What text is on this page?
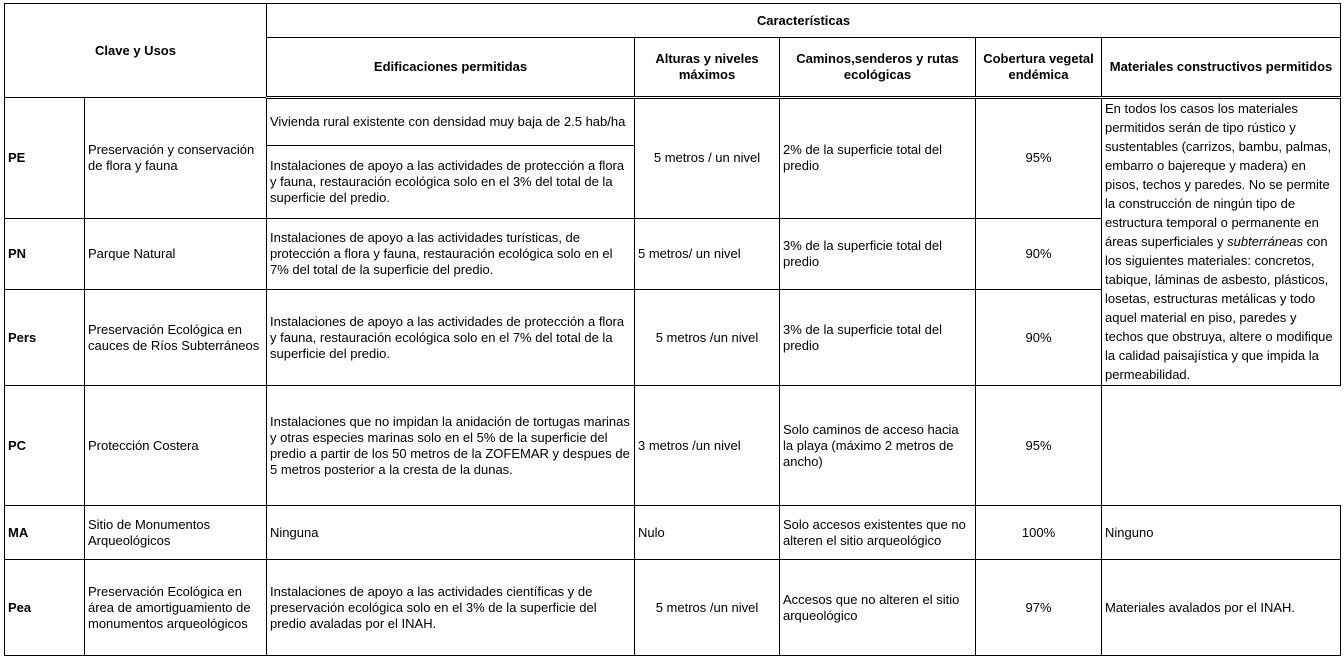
Clave y Usos		Características				
		Edificaciones permitidas	Alturas y niveles máximos	Caminos,senderos y rutas ecológicas	Cobertura vegetal endémica	Materiales constructivos permitidos
PE	Preservación y conservación de flora y fauna	Vivienda rural existente con densidad muy baja de 2.5 hab/ha	5 metros / un nivel	2% de la superficie total del predio	95%	En todos los casos los materiales permitidos serán de tipo rústico y sustentables (carrizos, bambu, palmas, embarro o bajereque y madera) en pisos, techos y paredes. No se permite la construcción de ningún tipo de estructura temporal o permanente en áreas superficiales y subterráneas con los siguientes materiales: concretos, tabique, láminas de asbesto, plásticos, losetas, estructuras metálicas y todo aquel material en piso, paredes y techos que obstruya, altere o modifique la calidad paisajística y que impida la permeabilidad.
		Instalaciones de apoyo a las actividades de protección a flora y fauna, restauración ecológica solo en el 3% del total de la superficie del predio.				
PN	Parque Natural	Instalaciones de apoyo a las actividades turísticas, de protección a flora y fauna, restauración ecológica solo en el 7% del total de la superficie del predio.	5 metros/ un nivel	3% de la superficie total del predio	90%	
Pers	Preservación Ecológica en cauces de Ríos Subterráneos	Instalaciones de apoyo a las actividades de protección a flora y fauna, restauración ecológica solo en el 7% del total de la superficie del predio.	5 metros /un nivel	3% de la superficie total del predio	90%	
PC	Protección Costera	Instalaciones que no impidan la anidación de tortugas marinas y otras especies marinas solo en el 5% de la superficie del predio a partir de los 50 metros de la ZOFEMAR y despues de 5 metros posterior a la cresta de la dunas.	3 metros /un nivel	Solo caminos de acceso hacia la playa (máximo 2 metros de ancho)	95%	
MA	Sitio de Monumentos Arqueológicos	Ninguna	Nulo	Solo accesos existentes que no alteren el sitio arqueológico	100%	Ninguno
Pea	Preservación Ecológica en área de amortiguamiento de monumentos arqueológicos	Instalaciones de apoyo a las actividades científicas y de preservación ecológica solo en el 3% de la superficie del predio avaladas por el INAH.	5 metros /un nivel	Accesos que no alteren el sitio arqueológico	97%	Materiales avalados por el INAH.
